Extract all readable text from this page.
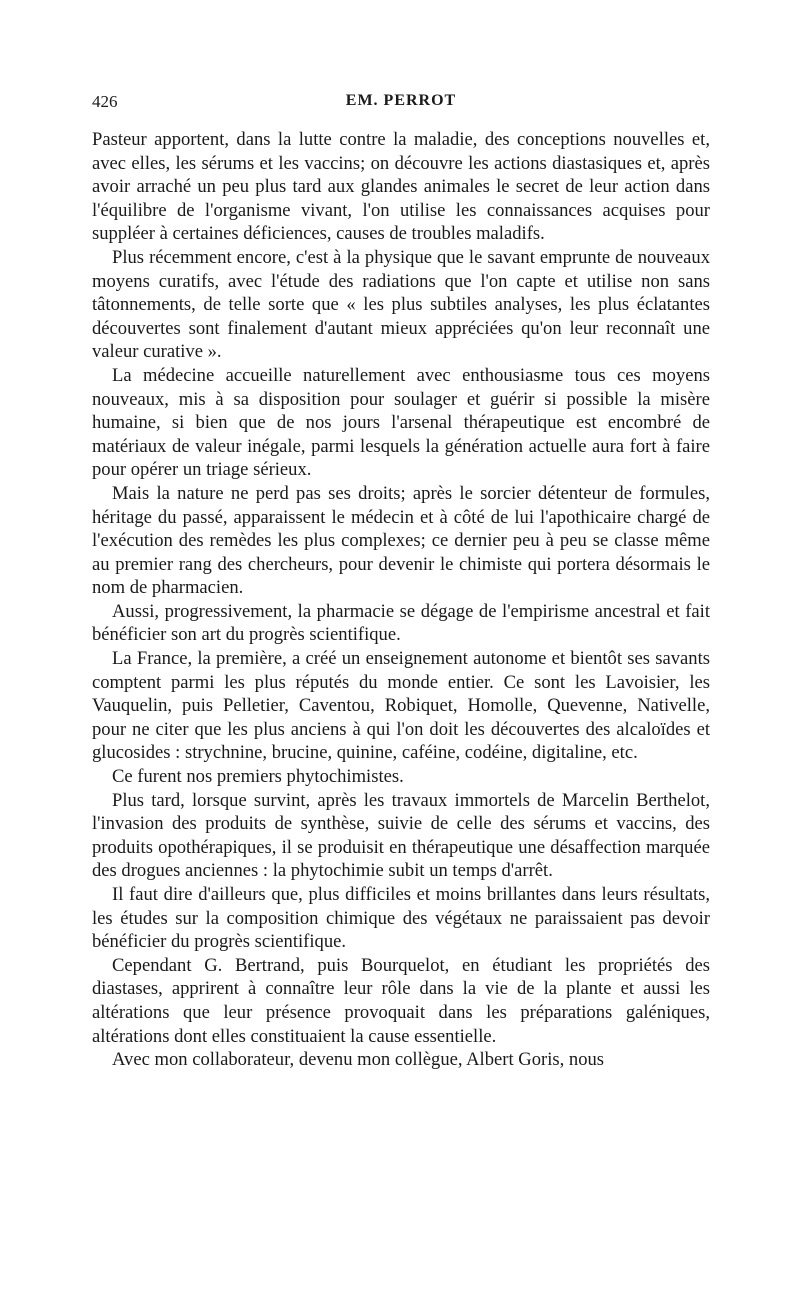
426	EM. PERROT

Pasteur apportent, dans la lutte contre la maladie, des conceptions nouvelles et, avec elles, les sérums et les vaccins; on découvre les actions diastasiques et, après avoir arraché un peu plus tard aux glandes animales le secret de leur action dans l'équilibre de l'organisme vivant, l'on utilise les connaissances acquises pour suppléer à certaines déficiences, causes de troubles maladifs.

Plus récemment encore, c'est à la physique que le savant emprunte de nouveaux moyens curatifs, avec l'étude des radiations que l'on capte et utilise non sans tâtonnements, de telle sorte que « les plus subtiles analyses, les plus éclatantes découvertes sont finalement d'autant mieux appréciées qu'on leur reconnaît une valeur curative ».

La médecine accueille naturellement avec enthousiasme tous ces moyens nouveaux, mis à sa disposition pour soulager et guérir si possible la misère humaine, si bien que de nos jours l'arsenal thérapeutique est encombré de matériaux de valeur inégale, parmi lesquels la génération actuelle aura fort à faire pour opérer un triage sérieux.

Mais la nature ne perd pas ses droits; après le sorcier détenteur de formules, héritage du passé, apparaissent le médecin et à côté de lui l'apothicaire chargé de l'exécution des remèdes les plus complexes; ce dernier peu à peu se classe même au premier rang des chercheurs, pour devenir le chimiste qui portera désormais le nom de pharmacien.

Aussi, progressivement, la pharmacie se dégage de l'empirisme ancestral et fait bénéficier son art du progrès scientifique.

La France, la première, a créé un enseignement autonome et bientôt ses savants comptent parmi les plus réputés du monde entier. Ce sont les Lavoisier, les Vauquelin, puis Pelletier, Caventou, Robiquet, Homolle, Quevenne, Nativelle, pour ne citer que les plus anciens à qui l'on doit les découvertes des alcaloïdes et glucosides : strychnine, brucine, quinine, caféine, codéine, digitaline, etc.

Ce furent nos premiers phytochimistes.

Plus tard, lorsque survint, après les travaux immortels de Marcelin Berthelot, l'invasion des produits de synthèse, suivie de celle des sérums et vaccins, des produits opothérapiques, il se produisit en thérapeutique une désaffection marquée des drogues anciennes : la phytochimie subit un temps d'arrêt.

Il faut dire d'ailleurs que, plus difficiles et moins brillantes dans leurs résultats, les études sur la composition chimique des végétaux ne paraissaient pas devoir bénéficier du progrès scientifique.

Cependant G. Bertrand, puis Bourquelot, en étudiant les propriétés des diastases, apprirent à connaître leur rôle dans la vie de la plante et aussi les altérations que leur présence provoquait dans les préparations galéniques, altérations dont elles constituaient la cause essentielle.

Avec mon collaborateur, devenu mon collègue, Albert Goris, nous
